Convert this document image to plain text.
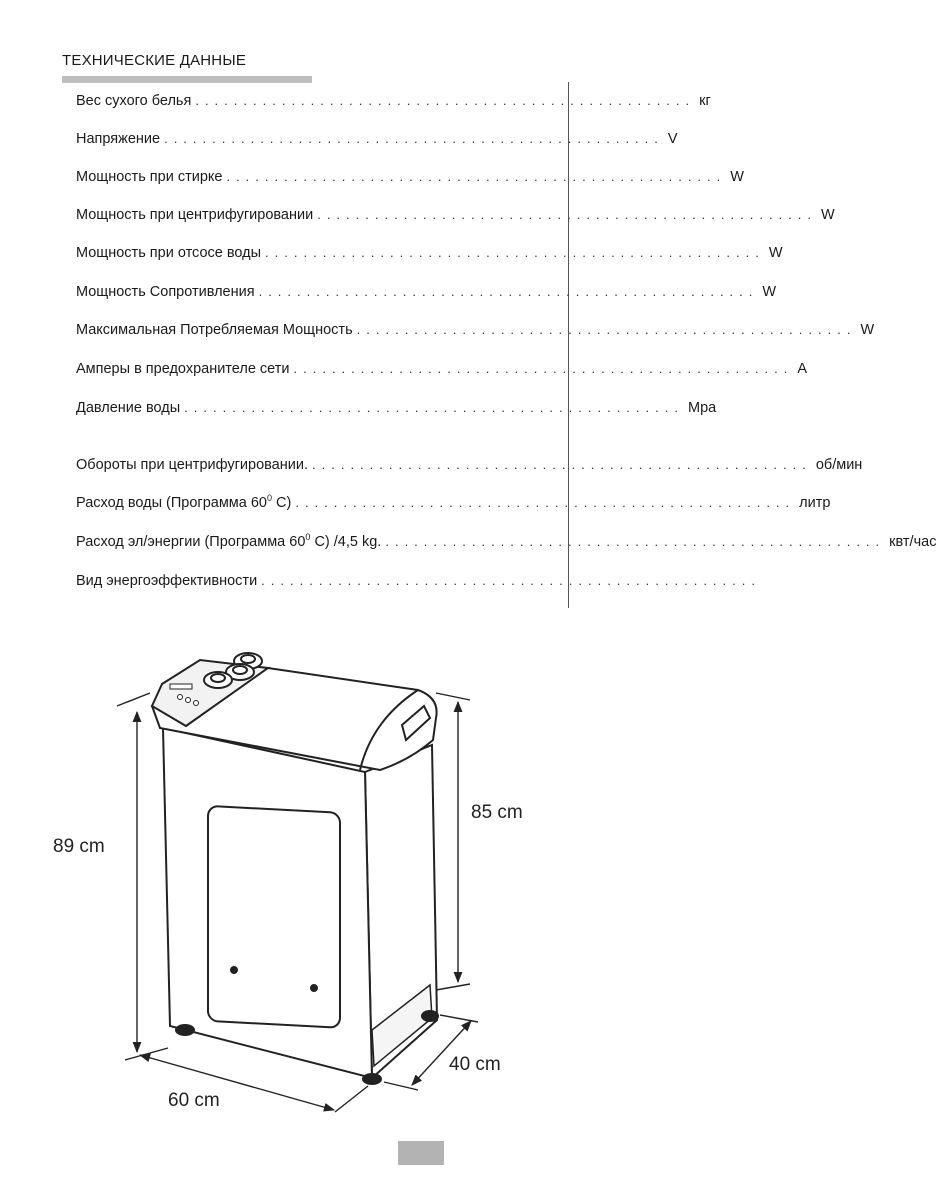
ТЕХНИЧЕСКИЕ ДАННЫЕ
Вес сухого белья .................................................... кг
Напряжение .................................................... V
Мощность при стирке .................................................... W
Мощность при центрифугировании .................................................... W
Мощность при отсосе воды .................................................... W
Мощность Сопротивления .................................................... W
Максимальная Потребляемая Мощность .................................................... W
Амперы в предохранителе сети .................................................... A
Давление воды .................................................... Mpa
Обороты при центрифугировании. .................................................... об/мин
Расход воды (Программа $60^0$ C) .................................................... литр
Расход эл/энергии (Программа $60^0$ C) /4,5 kg. .................................................... квт/час
Вид энергоэффективности ....................................................
89 cm
85 cm
60 cm
40 cm
